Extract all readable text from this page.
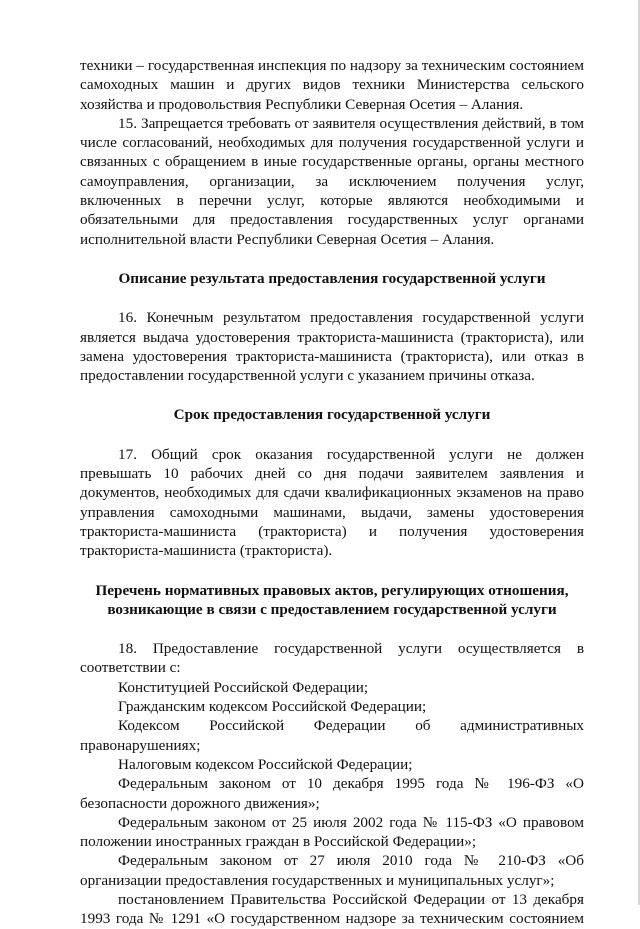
техники – государственная инспекция по надзору за техническим состоянием самоходных машин и других видов техники Министерства сельского хозяйства и продовольствия Республики Северная Осетия – Алания.

15. Запрещается требовать от заявителя осуществления действий, в том числе согласований, необходимых для получения государственной услуги и связанных с обращением в иные государственные органы, органы местного самоуправления, организации, за исключением получения услуг, включенных в перечни услуг, которые являются необходимыми и обязательными для предоставления государственных услуг органами исполнительной власти Республики Северная Осетия – Алания.

Описание результата предоставления государственной услуги

16. Конечным результатом предоставления государственной услуги является выдача удостоверения тракториста-машиниста (тракториста), или замена удостоверения тракториста-машиниста (тракториста), или отказ в предоставлении государственной услуги с указанием причины отказа.

Срок предоставления государственной услуги

17. Общий срок оказания государственной услуги не должен превышать 10 рабочих дней со дня подачи заявителем заявления и документов, необходимых для сдачи квалификационных экзаменов на право управления самоходными машинами, выдачи, замены удостоверения тракториста-машиниста (тракториста) и получения удостоверения тракториста-машиниста (тракториста).

Перечень нормативных правовых актов, регулирующих отношения,

возникающие в связи с предоставлением государственной услуги

18. Предоставление государственной услуги осуществляется в соответствии с:

Конституцией Российской Федерации;

Гражданским кодексом Российской Федерации;

Кодексом Российской Федерации об административных правонарушениях;

Налоговым кодексом Российской Федерации;

Федеральным законом от 10 декабря 1995 года № 196-ФЗ «О безопасности дорожного движения»;

Федеральным законом от 25 июля 2002 года № 115-ФЗ «О правовом положении иностранных граждан в Российской Федерации»;

Федеральным законом от 27 июля 2010 года № 210-ФЗ «Об организации предоставления государственных и муниципальных услуг»;

постановлением Правительства Российской Федерации от 13 декабря 1993 года № 1291 «О государственном надзоре за техническим состоянием
